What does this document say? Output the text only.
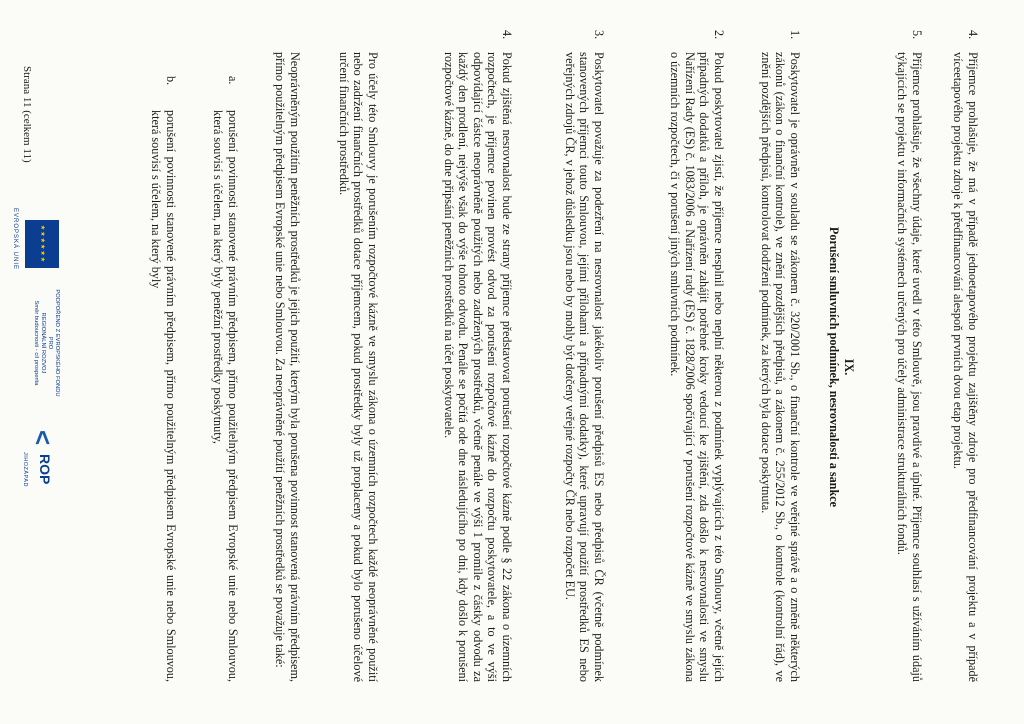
4.
Příjemce prohlašuje, že má v případě jednoetapového projektu zajištěny zdroje pro předfinancování projektu a v případě víceetapového projektu zdroje k předfinancování alespoň prvních dvou etap projektu.
5.
Příjemce prohlašuje, že všechny údaje, které uvedl v této Smlouvě, jsou pravdivé a úplné. Příjemce souhlasí s užíváním údajů týkajících se projektu v informačních systémech určených pro účely administrace strukturálních fondů.
IX.
Porušení smluvních podmínek, nesrovnalosti a sankce
1.
Poskytovatel je oprávněn v souladu se zákonem č. 320/2001 Sb., o finanční kontrole ve veřejné správě a o změně některých zákonů (zákon o finanční kontrole), ve znění pozdějších předpisů, a zákonem č. 255/2012 Sb., o kontrole (kontrolní řád), ve znění pozdějších předpisů, kontrolovat dodržení podmínek, za kterých byla dotace poskytnuta.
2.
Pokud poskytovatel zjistí, že příjemce nesplnil nebo neplní některou z podmínek vyplývajících z této Smlouvy, včetně jejích případných dodatků a příloh, je oprávněn zahájit potřebné kroky vedoucí ke zjištění, zda došlo k nesrovnalosti ve smyslu Nařízení Rady (ES) č. 1083/2006 a Nařízení rady (ES) č. 1828/2006 spočívající v porušení rozpočtové kázně ve smyslu zákona o územních rozpočtech, či v porušení jiných smluvních podmínek.
3.
Poskytovatel považuje za podezření na nesrovnalost jakékoliv porušení předpisů ES nebo předpisů ČR (včetně podmínek stanovených příjemci touto Smlouvou, jejími přílohami a případnými dodatky), které upravují použití prostředků ES nebo veřejných zdrojů ČR, v jehož důsledku jsou nebo by mohly být dotčeny veřejné rozpočty ČR nebo rozpočet EU.
4.
Pokud zjištěná nesrovnalost bude ze strany příjemce představovat porušení rozpočtové kázně podle § 22 zákona o územních rozpočtech, je příjemce povinen provést odvod za porušení rozpočtové kázně do rozpočtu poskytovatele, a to ve výši odpovídající částce neoprávněně použitých nebo zadržených prostředků, včetně penále ve výši 1 promile z částky odvodu za každý den prodlení, nejvýše však do výše tohoto odvodu. Penále se počítá ode dne následujícího po dni, kdy došlo k porušení rozpočtové kázně, do dne připsání peněžních prostředků na účet poskytovatele.
Pro účely této Smlouvy je porušením rozpočtové kázně ve smyslu zákona o územních rozpočtech každé neoprávněné použití nebo zadržení finančních prostředků dotace příjemcem, pokud prostředky byly už proplaceny a pokud bylo porušeno účelové určení finančních prostředků.
Neoprávněným použitím peněžních prostředků je jejich použití, kterým byla porušena povinnost stanovená právním předpisem, přímo použitelným předpisem Evropské unie nebo Smlouvou. Za neoprávněné použití peněžních prostředků se považuje také:
a.
porušení povinnosti stanovené právním předpisem, přímo použitelným předpisem Evropské unie nebo Smlouvou, která souvisí s účelem, na který byly peněžní prostředky poskytnuty,
b.
porušení povinnosti stanovené právním předpisem, přímo použitelným předpisem Evropské unie nebo Smlouvou, která souvisí s účelem, na který byly
Strana 11 (celkem 11)
★★★★★★
EVROPSKÁ UNIE
PODPOŘENO Z EVROPSKÉHO FONDU
PRO
REGIONÁLNÍ ROZVOJ
Směr budoucnosti - cíl prosperita
<
ROP
JIHOZÁPAD
